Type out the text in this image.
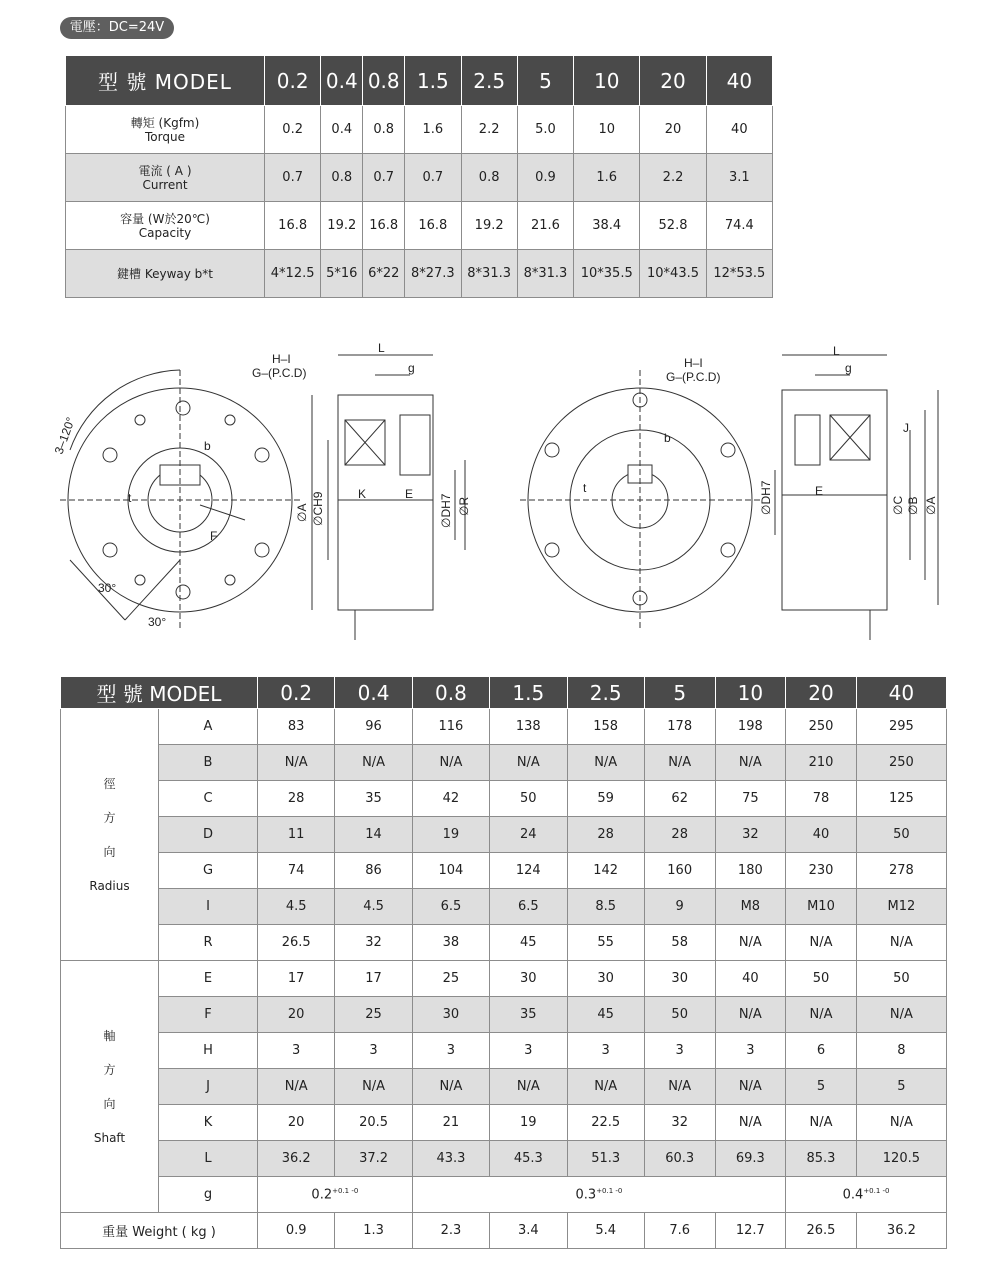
電壓：DC=24V
型 號 MODEL	0.2	0.4	0.8	1.5	2.5	5	10	20	40
轉矩 (Kgfm)
Torque	0.2	0.4	0.8	1.6	2.2	5.0	10	20	40
電流 ( A )
Current	0.7	0.8	0.7	0.7	0.8	0.9	1.6	2.2	3.1
容量 (W於20℃)
Capacity	16.8	19.2	16.8	16.8	19.2	21.6	38.4	52.8	74.4
鍵槽 Keyway b*t	4*12.5	5*16	6*22	8*27.3	8*31.3	8*31.3	10*35.5	10*43.5	12*53.5
H–I
G–(P.C.D)
L
g
b
t
F
K	E
3–120°
30°
30°
∅A ∅CH9	∅DH7 ∅R
H–I
G–(P.C.D)
L
g
b
t	E
J
∅DH7	∅C ∅B ∅A
型 號 MODEL		0.2	0.4	0.8	1.5	2.5	5	10	20	40
徑
方
向
Radius	A	83	96	116	138	158	178	198	250	295
	B	N/A	N/A	N/A	N/A	N/A	N/A	N/A	210	250
	C	28	35	42	50	59	62	75	78	125
	D	11	14	19	24	28	28	32	40	50
	G	74	86	104	124	142	160	180	230	278
	I	4.5	4.5	6.5	6.5	8.5	9	M8	M10	M12
	R	26.5	32	38	45	55	58	N/A	N/A	N/A
軸
方
向
Shaft	E	17	17	25	30	30	30	40	50	50
	F	20	25	30	35	45	50	N/A	N/A	N/A
	H	3	3	3	3	3	3	3	6	8
	J	N/A	N/A	N/A	N/A	N/A	N/A	N/A	5	5
	K	20	20.5	21	19	22.5	32	N/A	N/A	N/A
	L	36.2	37.2	43.3	45.3	51.3	60.3	69.3	85.3	120.5
	g	$0.2^{+0.1 -0}$		$0.3^{+0.1 -0}$					$0.4^{+0.1 -0}$
重量 Weight ( kg )		0.9	1.3	2.3	3.4	5.4	7.6	12.7	26.5	36.2
